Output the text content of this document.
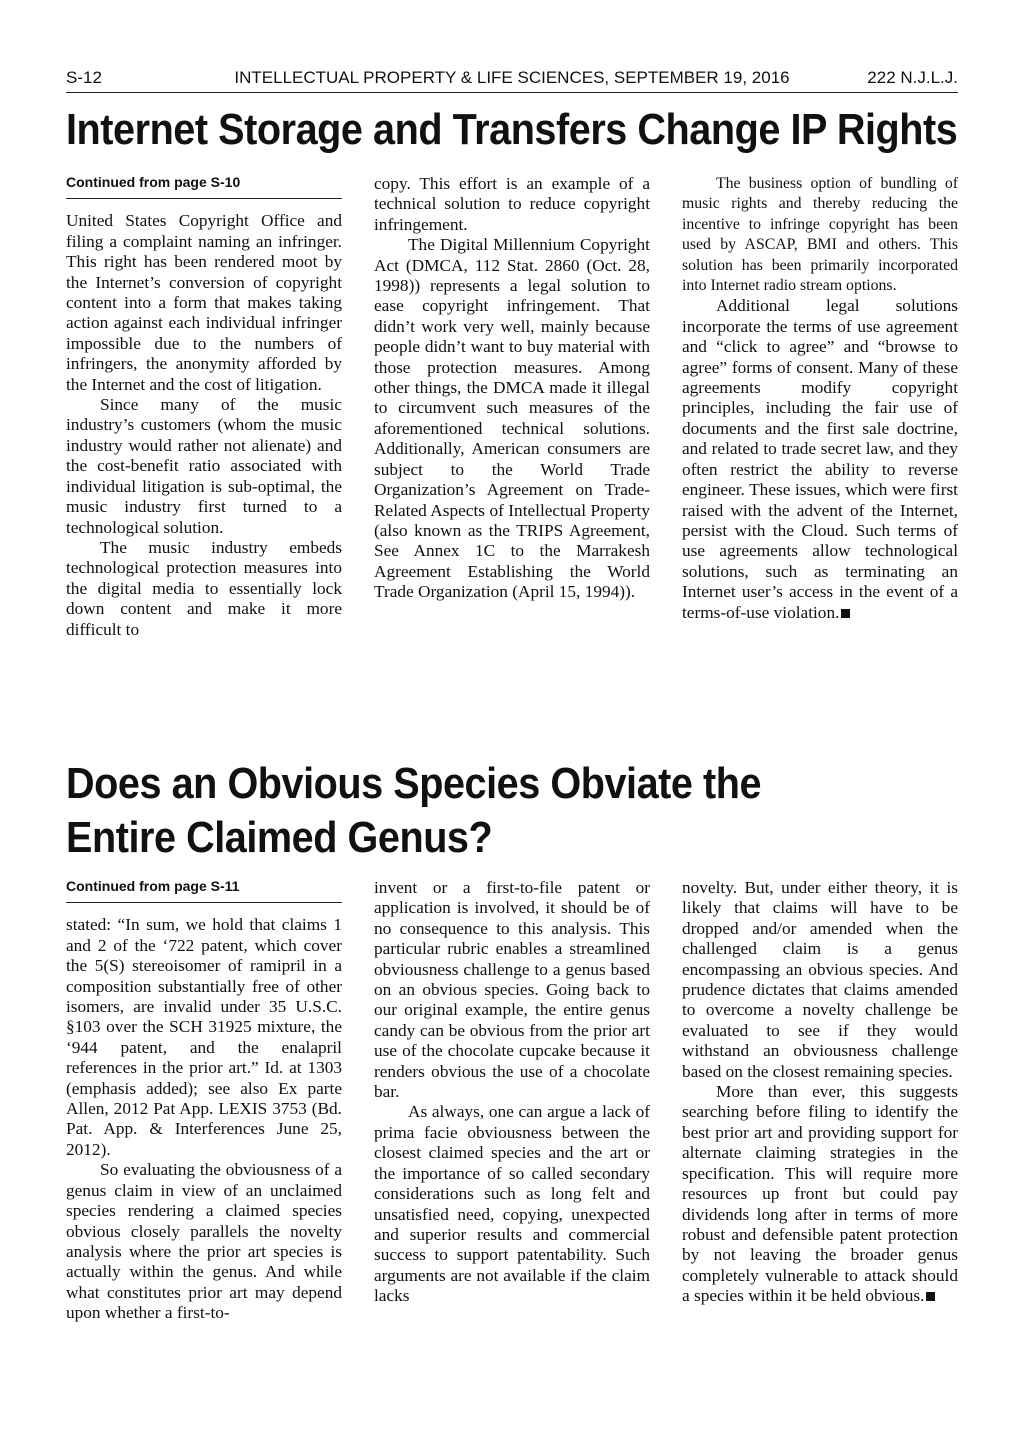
S-12	INTELLECTUAL PROPERTY & LIFE SCIENCES, SEPTEMBER 19, 2016	222 N.J.L.J.
Internet Storage and Transfers Change IP Rights
Continued from page S-10

United States Copyright Office and filing a complaint naming an infringer. This right has been rendered moot by the Internet’s conversion of copyright content into a form that makes taking action against each individual infringer impossible due to the numbers of infringers, the anonymity afforded by the Internet and the cost of litigation.

Since many of the music industry’s customers (whom the music industry would rather not alienate) and the cost-benefit ratio associated with individual litigation is sub-optimal, the music industry first turned to a technological solution.

The music industry embeds technological protection measures into the digital media to essentially lock down content and make it more difficult to

copy. This effort is an example of a technical solution to reduce copyright infringement.

The Digital Millennium Copyright Act (DMCA, 112 Stat. 2860 (Oct. 28, 1998)) represents a legal solution to ease copyright infringement. That didn’t work very well, mainly because people didn’t want to buy material with those protection measures. Among other things, the DMCA made it illegal to circumvent such measures of the aforementioned technical solutions. Additionally, American consumers are subject to the World Trade Organization’s Agreement on Trade-Related Aspects of Intellectual Property (also known as the TRIPS Agreement, See Annex 1C to the Marrakesh Agreement Establishing the World Trade Organization (April 15, 1994)).

The business option of bundling of music rights and thereby reducing the incentive to infringe copyright has been used by ASCAP, BMI and others. This solution has been primarily incorporated into Internet radio stream options.

Additional legal solutions incorporate the terms of use agreement and “click to agree” and “browse to agree” forms of consent. Many of these agreements modify copyright principles, including the fair use of documents and the first sale doctrine, and related to trade secret law, and they often restrict the ability to reverse engineer. These issues, which were first raised with the advent of the Internet, persist with the Cloud. Such terms of use agreements allow technological solutions, such as terminating an Internet user’s access in the event of a terms-of-use violation.

Does an Obvious Species Obviate the
Entire Claimed Genus?
Continued from page S-11

stated: “In sum, we hold that claims 1 and 2 of the ‘722 patent, which cover the 5(S) stereoisomer of ramipril in a composition substantially free of other isomers, are invalid under 35 U.S.C. §103 over the SCH 31925 mixture, the ‘944 patent, and the enalapril references in the prior art.” Id. at 1303 (emphasis added); see also Ex parte Allen, 2012 Pat App. LEXIS 3753 (Bd. Pat. App. & Interferences June 25, 2012).

So evaluating the obviousness of a genus claim in view of an unclaimed species rendering a claimed species obvious closely parallels the novelty analysis where the prior art species is actually within the genus. And while what constitutes prior art may depend upon whether a first-to-

invent or a first-to-file patent or application is involved, it should be of no consequence to this analysis. This particular rubric enables a streamlined obviousness challenge to a genus based on an obvious species. Going back to our original example, the entire genus candy can be obvious from the prior art use of the chocolate cupcake because it renders obvious the use of a chocolate bar.

As always, one can argue a lack of prima facie obviousness between the closest claimed species and the art or the importance of so called secondary considerations such as long felt and unsatisfied need, copying, unexpected and superior results and commercial success to support patentability. Such arguments are not available if the claim lacks

novelty. But, under either theory, it is likely that claims will have to be dropped and/or amended when the challenged claim is a genus encompassing an obvious species. And prudence dictates that claims amended to overcome a novelty challenge be evaluated to see if they would withstand an obviousness challenge based on the closest remaining species.

More than ever, this suggests searching before filing to identify the best prior art and providing support for alternate claiming strategies in the specification. This will require more resources up front but could pay dividends long after in terms of more robust and defensible patent protection by not leaving the broader genus completely vulnerable to attack should a species within it be held obvious.
